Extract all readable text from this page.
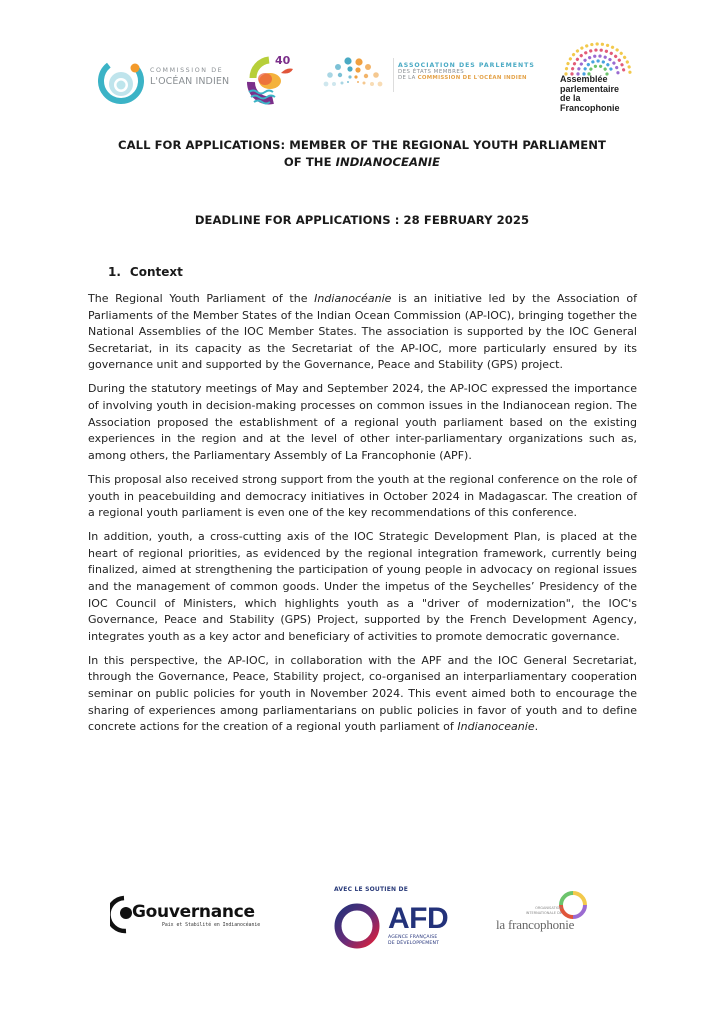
COMMISSION DE
L'OCÉAN INDIEN
40	ASSOCIATION DES PARLEMENTS
DES ÉTATS MEMBRES
DE LA COMMISSION DE L'OCÉAN INDIEN	Assemblée
parlementaire
de la Francophonie
CALL FOR APPLICATIONS: MEMBER OF THE REGIONAL YOUTH PARLIAMENT
OF THE INDIANOCEANIE
DEADLINE FOR APPLICATIONS : 28 FEBRUARY 2025
1. Context

The Regional Youth Parliament of the Indianocéanie is an initiative led by the Association of Parliaments of the Member States of the Indian Ocean Commission (AP-IOC), bringing together the National Assemblies of the IOC Member States. The association is supported by the IOC General Secretariat, in its capacity as the Secretariat of the AP-IOC, more particularly ensured by its governance unit and supported by the Governance, Peace and Stability (GPS) project.

During the statutory meetings of May and September 2024, the AP-IOC expressed the importance of involving youth in decision-making processes on common issues in the Indianocean region. The Association proposed the establishment of a regional youth parliament based on the existing experiences in the region and at the level of other inter-parliamentary organizations such as, among others, the Parliamentary Assembly of La Francophonie (APF).

This proposal also received strong support from the youth at the regional conference on the role of youth in peacebuilding and democracy initiatives in October 2024 in Madagascar. The creation of a regional youth parliament is even one of the key recommendations of this conference.

In addition, youth, a cross-cutting axis of the IOC Strategic Development Plan, is placed at the heart of regional priorities, as evidenced by the regional integration framework, currently being finalized, aimed at strengthening the participation of young people in advocacy on regional issues and the management of common goods. Under the impetus of the Seychelles’ Presidency of the IOC Council of Ministers, which highlights youth as a "driver of modernization", the IOC's Governance, Peace and Stability (GPS) Project, supported by the French Development Agency, integrates youth as a key actor and beneficiary of activities to promote democratic governance.

In this perspective, the AP-IOC, in collaboration with the APF and the IOC General Secretariat, through the Governance, Peace, Stability project, co-organised an interparliamentary cooperation seminar on public policies for youth in November 2024. This event aimed both to encourage the sharing of experiences among parliamentarians on public policies in favor of youth and to define concrete actions for the creation of a regional youth parliament of Indianoceanie.

Gouvernance
Paix et Stabilité en Indianocéanie
AVEC LE SOUTIEN DE
AFD
AGENCE FRANÇAISE
DE DÉVELOPPEMENT
ORGANISATION
INTERNATIONALE DE
la francophonie
